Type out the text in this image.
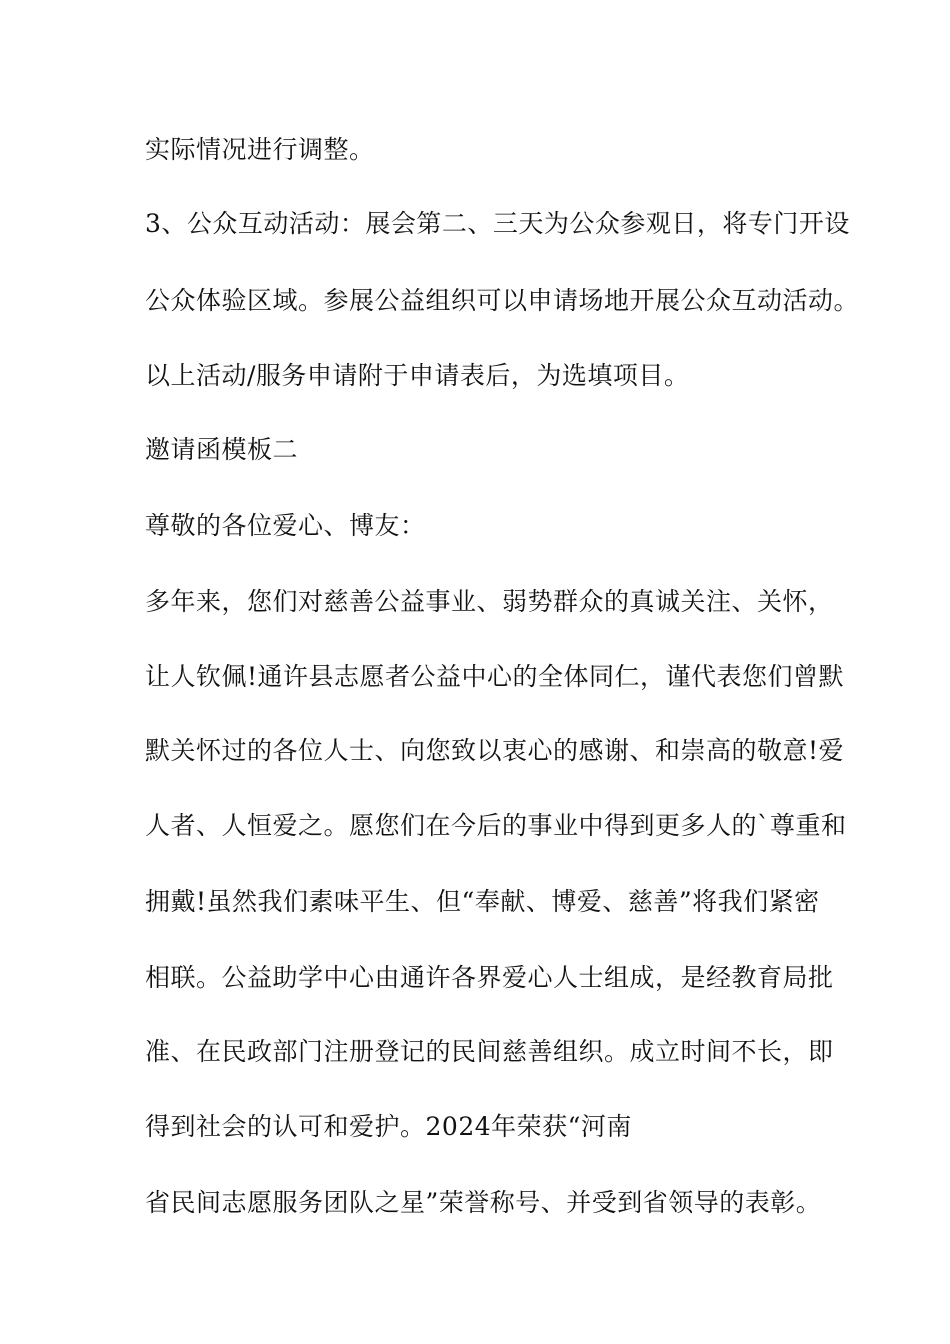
实际情况进行调整。
3、公众互动活动：展会第二、三天为公众参观日，将专门开设
公众体验区域。参展公益组织可以申请场地开展公众互动活动。
以上活动/服务申请附于申请表后，为选填项目。
邀请函模板二
尊敬的各位爱心、博友：
多年来，您们对慈善公益事业、弱势群众的真诚关注、关怀，
让人钦佩!通许县志愿者公益中心的全体同仁，谨代表您们曾默
默关怀过的各位人士、向您致以衷心的感谢、和崇高的敬意!爱
人者、人恒爱之。愿您们在今后的事业中得到更多人的`尊重和
拥戴!虽然我们素味平生、但“奉献、博爱、慈善”将我们紧密
相联。公益助学中心由通许各界爱心人士组成，是经教育局批
准、在民政部门注册登记的民间慈善组织。成立时间不长，即
得到社会的认可和爱护。2024年荣获“河南
省民间志愿服务团队之星”荣誉称号、并受到省领导的表彰。
